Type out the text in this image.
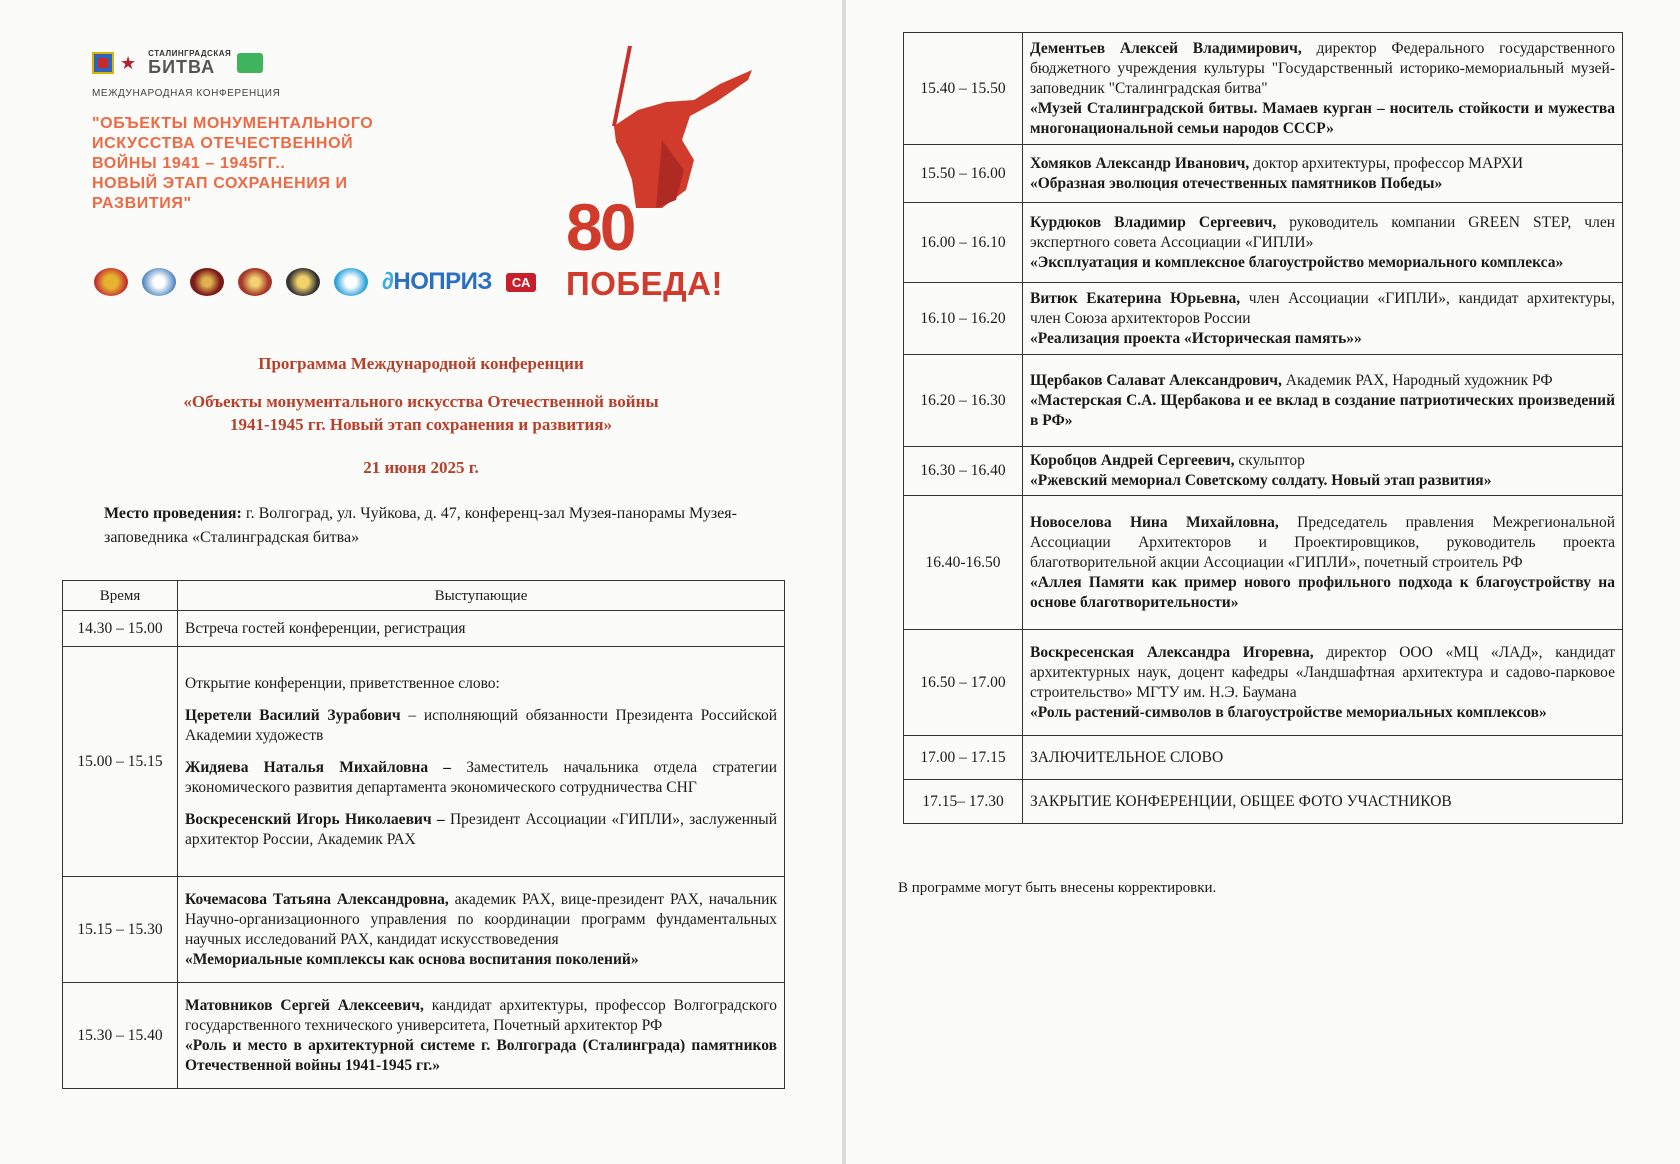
★ СТАЛИНГРАДСКАЯ
БИТВА
МЕЖДУНАРОДНАЯ КОНФЕРЕНЦИЯ
"ОБЪЕКТЫ МОНУМЕНТАЛЬНОГО
ИСКУССТВА ОТЕЧЕСТВЕННОЙ
ВОЙНЫ 1941 – 1945ГГ..
НОВЫЙ ЭТАП СОХРАНЕНИЯ И
РАЗВИТИЯ"
∂НОПРИЗ	СА
80
ПОБЕДА!
Программа Международной конференции
«Объекты монументального искусства Отечественной войны
1941-1945 гг. Новый этап сохранения и развития»
21 июня 2025 г.
Место проведения: г. Волгоград, ул. Чуйкова, д. 47, конференц-зал Музея-панорамы Музея-заповедника «Сталинградская битва»
Время	Выступающие
14.30 – 15.00	Встреча гостей конференции, регистрация
15.00 – 15.15	Открытие конференции, приветственное слово:

Церетели Василий Зурабович – исполняющий обязанности Президента Российской Академии художеств

Жидяева Наталья Михайловна – Заместитель начальника отдела стратегии экономического развития департамента экономического сотрудничества СНГ

Воскресенский Игорь Николаевич – Президент Ассоциации «ГИПЛИ», заслуженный архитектор России, Академик РАХ

15.15 – 15.30	Кочемасова Татьяна Александровна, академик РАХ, вице-президент РАХ, начальник Научно-организационного управления по координации программ фундаментальных научных исследований РАХ, кандидат искусствоведения

«Мемориальные комплексы как основа воспитания поколений»

15.30 – 15.40	Матовников Сергей Алексеевич, кандидат архитектуры, профессор Волгоградского государственного технического университета, Почетный архитектор РФ

«Роль и место в архитектурной системе г. Волгограда (Сталинграда) памятников Отечественной войны 1941-1945 гг.»
15.40 – 15.50	Дементьев Алексей Владимирович, директор Федерального государственного бюджетного учреждения культуры "Государственный историко-мемориальный музей-заповедник "Сталинградская битва"

«Музей Сталинградской битвы. Мамаев курган – носитель стойкости и мужества многонациональной семьи народов СССР»

15.50 – 16.00	Хомяков Александр Иванович, доктор архитектуры, профессор МАРХИ

«Образная эволюция отечественных памятников Победы»

16.00 – 16.10	Курдюков Владимир Сергеевич, руководитель компании GREEN STEP, член экспертного совета Ассоциации «ГИПЛИ»

«Эксплуатация и комплексное благоустройство мемориального комплекса»

16.10 – 16.20	Витюк Екатерина Юрьевна, член Ассоциации «ГИПЛИ», кандидат архитектуры, член Союза архитекторов России

«Реализация проекта «Историческая память»»

16.20 – 16.30	Щербаков Салават Александрович, Академик РАХ, Народный художник РФ

«Мастерская С.А. Щербакова и ее вклад в создание патриотических произведений в РФ»

16.30 – 16.40	Коробцов Андрей Сергеевич, скульптор

«Ржевский мемориал Советскому солдату. Новый этап развития»

16.40-16.50	Новоселова Нина Михайловна, Председатель правления Межрегиональной Ассоциации Архитекторов и Проектировщиков, руководитель проекта благотворительной акции Ассоциации «ГИПЛИ», почетный строитель РФ

«Аллея Памяти как пример нового профильного подхода к благоустройству на основе благотворительности»

16.50 – 17.00	Воскресенская Александра Игоревна, директор ООО «МЦ «ЛАД», кандидат архитектурных наук, доцент кафедры «Ландшафтная архитектура и садово-парковое строительство» МГТУ им. Н.Э. Баумана

«Роль растений-символов в благоустройстве мемориальных комплексов»

17.00 – 17.15	ЗАЛЮЧИТЕЛЬНОЕ СЛОВО
17.15– 17.30	ЗАКРЫТИЕ КОНФЕРЕНЦИИ, ОБЩЕЕ ФОТО УЧАСТНИКОВ
В программе могут быть внесены корректировки.
